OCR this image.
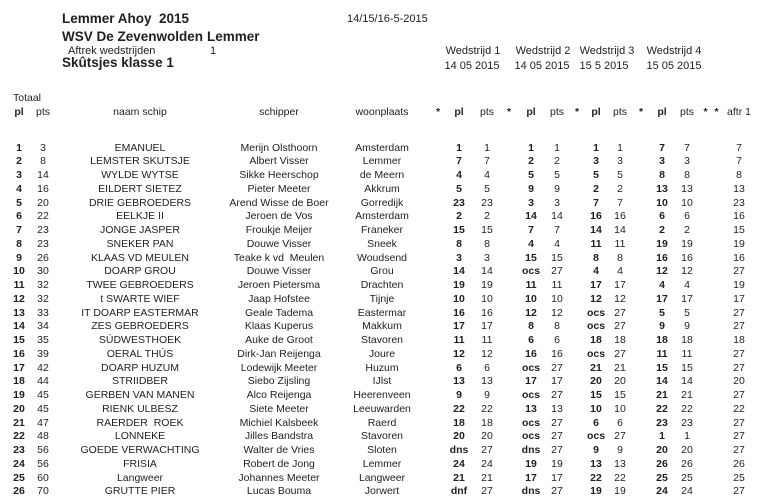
Lemmer Ahoy  2015	14/15/16-5-2015
WSV De Zevenwolden Lemmer
Aftrek wedstrijden	1
Skûtsjes klasse 1
Wedstrijd 1 Wedstrijd 2 Wedstrijd 3 Wedstrijd 4
14 05 2015 14 05 2015 15 5 2015 15 05 2015
Totaal
pl	pts	naam schip	schipper	woonplaats	*	pl	pts	*	pl	pts	*	pl	pts	*	pl	pts * * aftr 1
1	3	EMANUEL	Merijn Olsthoorn	Amsterdam	1	1	1	1	1	1	7	7	7
2	8	LEMSTER SKUTSJE	Albert Visser	Lemmer	7	7	2	2	3	3	3	3	7
3	14	WYLDE WYTSE	Sikke Heerschop	de Meern	4	4	5	5	5	5	8	8	8
4	16	EILDERT SIETEZ	Pieter Meeter	Akkrum	5	5	9	9	2	2	13	13	13
5	20	DRIE GEBROEDERS	Arend Wisse de Boer	Gorredijk	23	23	3	3	7	7	10	10	23
6	22	EELKJE II	Jeroen de Vos	Amsterdam	2	2	14	14	16	16	6	6	16
7	23	JONGE JASPER	Froukje Meijer	Franeker	15	15	7	7	14	14	2	2	15
8	23	SNEKER PAN	Douwe Visser	Sneek	8	8	4	4	11	11	19	19	19
9	26	KLAAS VD MEULEN	Teake k vd  Meulen	Woudsend	3	3	15	15	8	8	16	16	16
10	30	DOARP GROU	Douwe Visser	Grou	14	14	ocs	27	4	4	12	12	27
11	32	TWEE GEBROEDERS	Jeroen Pietersma	Drachten	19	19	11	11	17	17	4	4	19
12	32	t SWARTE WIEF	Jaap Hofstee	Tijnje	10	10	10	10	12	12	17	17	17
13	33	IT DOARP EASTERMAR	Geale Tadema	Eastermar	16	16	12	12	ocs 27	5	5	27
14	34	ZES GEBROEDERS	Klaas Kuperus	Makkum	17	17	8	8	ocs 27	9	9	27
15	35	SÚDWESTHOEK	Auke de Groot	Stavoren	11	11	6	6	18	18	18	18	18
16	39	OERAL THÚS	Dirk-Jan Reijenga	Joure	12	12	16	16	ocs 27	11	11	27
17	42	DOARP HUZUM	Lodewijk Meeter	Huzum	6	6	ocs	27	21	21	15	15	27
18	44	STRIIDBER	Siebo Zijsling	IJlst	13	13	17	17	20	20	14	14	20
19	45	GERBEN VAN MANEN	Alco Reijenga	Heerenveen	9	9	ocs	27	15	15	21	21	27
20	45	RIENK ULBESZ	Siete Meeter	Leeuwarden	22	22	13	13	10	10	22	22	22
21	47	RAERDER  ROEK	Michiel Kalsbeek	Raerd	18	18	ocs	27	6	6	23	23	27
22	48	LONNEKE	Jilles Bandstra	Stavoren	20	20	ocs	27	ocs 27	1	1	27
23	56	GOEDE VERWACHTING	Walter de Vries	Sloten	dns	27	dns	27	9	9	20	20	27
24	56	FRISIA	Robert de Jong	Lemmer	24	24	19	19	13	13	26	26	26
25	60	Langweer	Johannes Meeter	Langweer	21	21	17	17	22	22	25	25	25
26	70	GRUTTE PIER	Lucas Bouma	Jorwert	dnf	27	dns	27	19	19	24	24	27
